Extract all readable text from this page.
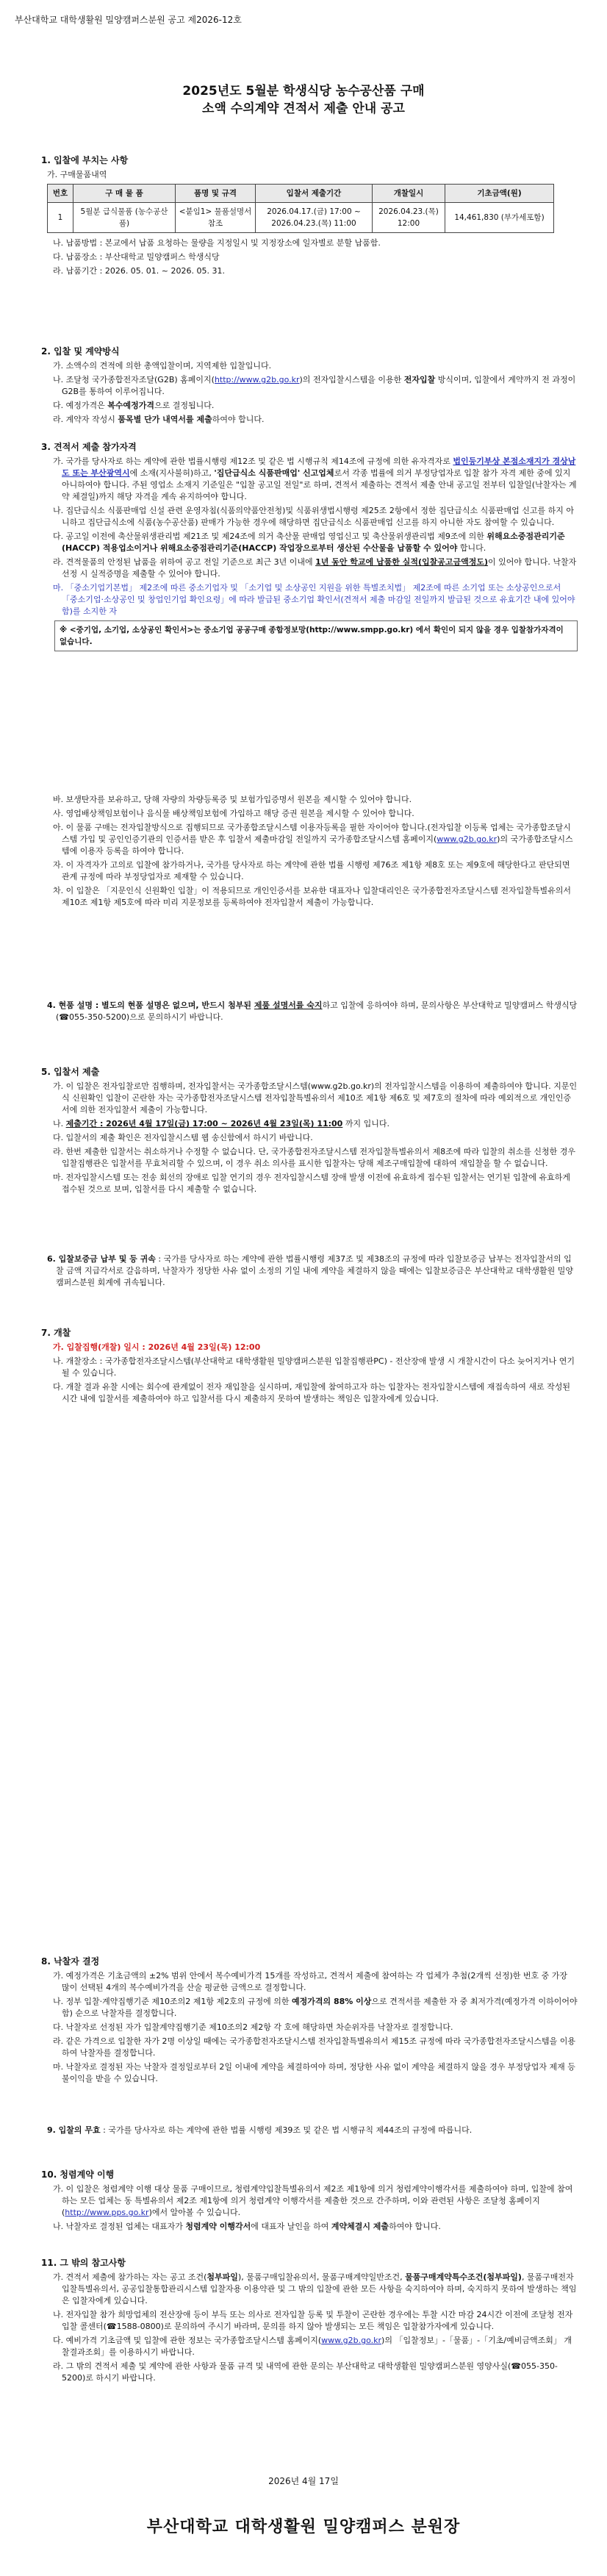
부산대학교 대학생활원 밀양캠퍼스분원 공고 제2026-12호
2025년도 5월분 학생식당 농수공산품 구매
소액 수의계약 견적서 제출 안내 공고
1. 입찰에 부치는 사항

가. 구매물품내역

번호	구 매 물 품	품명 및 규격	입찰서 제출기간	개찰일시	기초금액(원)
1	5월분 급식물품 (농수공산품)	<붙임1> 물품설명서 참조	2026.04.17.(금) 17:00 ~ 2026.04.23.(목) 11:00	2026.04.23.(목) 12:00	14,461,830 (부가세포함)

나. 납품방법 : 본교에서 납품 요청하는 물량을 지정일시 및 지정장소에 일자별로 분할 납품함.

다. 납품장소 : 부산대학교 밀양캠퍼스 학생식당

라. 납품기간 : 2026. 05. 01. ~ 2026. 05. 31.

2. 입찰 및 계약방식

가. 소액수의 견적에 의한 총액입찰이며, 지역제한 입찰입니다.

나. 조달청 국가종합전자조달(G2B) 홈페이지(http://www.g2b.go.kr)의 전자입찰시스템을 이용한 전자입찰 방식이며, 입찰에서 계약까지 전 과정이 G2B를 통하여 이루어집니다.

다. 예정가격은 복수예정가격으로 결정됩니다.

라. 계약자 작성시 품목별 단가 내역서를 제출하여야 합니다.

3. 견적서 제출 참가자격

가. 국가를 당사자로 하는 계약에 관한 법률시행령 제12조 및 같은 법 시행규칙 제14조에 규정에 의한 유자격자로 법인등기부상 본점소재지가 경상남도 또는 부산광역시에 소재(지사불허)하고, '집단급식소 식품판매업' 신고업체로서 각종 법률에 의거 부정당업자로 입찰 참가 자격 제한 중에 있지 아니하여야 합니다. 주된 영업소 소재지 기준일은 "입찰 공고일 전일"로 하며, 견적서 제출하는 견적서 제출 안내 공고일 전부터 입찰일(낙찰자는 계약 체결일)까지 해당 자격을 계속 유지하여야 합니다.

나. 집단급식소 식품판매업 신설 관련 운영자침(식품의약품안전청)및 식품위생법시행령 제25조 2항에서 정한 집단급식소 식품판매업 신고를 하지 아니하고 집단급식소에 식품(농수공산품) 판매가 가능한 경우에 해당하면 집단급식소 식품판매업 신고를 하지 아니한 자도 참여할 수 있습니다.

다. 공고일 이전에 축산물위생관리법 제21조 및 제24조에 의거 축산물 판매업 영업신고 및 축산물위생관리법 제9조에 의한 위해요소중점관리기준(HACCP) 적용업소이거나 위해요소중점관리기준(HACCP) 작업장으로부터 생산된 수산물을 납품할 수 있어야 합니다.

라. 견적물품의 안정된 납품을 위하여 공고 전일 기준으로 최근 3년 이내에 1년 동안 학교에 납품한 실적(입찰공고금액정도)이 있어야 합니다. 낙찰자 선정 시 실적증명을 제출할 수 있어야 합니다.

마. 「중소기업기본법」 제2조에 따른 중소기업자 및 「소기업 및 소상공인 지원을 위한 특별조치법」 제2조에 따른 소기업 또는 소상공인으로서 「중소기업·소상공인 및 창업인기업 확인요령」에 따라 발급된 중소기업 확인서(견적서 제출 마감일 전일까지 발급된 것으로 유효기간 내에 있어야 함)를 소지한 자

※ <중기업, 소기업, 소상공인 확인서>는 중소기업 공공구매 종합정보망(http://www.smpp.go.kr) 에서 확인이 되지 않을 경우 입찰참가자격이 없습니다.

바. 보생탄자를 보유하고, 당해 자량의 차량등록증 및 보험가입증명서 원본을 제시할 수 있어야 합니다.

사. 영업배상책임보험이나 음식물 배상책임보험에 가입하고 해당 증권 원본을 제시할 수 있어야 합니다.

아. 이 물품 구매는 전자입찰방식으로 집행되므로 국가종합조달시스템 이용자등록을 필한 자이어야 합니다.(전자입찰 이등록 업체는 국가종합조달시스템 가입 및 공인인증기관의 인증서를 받은 후 입찰서 제출마감일 전일까지 국가종합조달시스템 홈페이지(www.g2b.go.kr)의 국가종합조달시스템에 이용자 등록을 하여야 합니다.

자. 이 자격자가 고의로 입찰에 참가하거나, 국가를 당사자로 하는 계약에 관한 법률 시행령 제76조 제1항 제8호 또는 제9호에 해당한다고 판단되면 관계 규정에 따라 부정당업자로 제재할 수 있습니다.

차. 이 입찰은 「지문인식 신원확인 입찰」이 적용되므로 개인인증서를 보유한 대표자나 입찰대리인은 국가종합전자조달시스템 전자입찰특별유의서 제10조 제1항 제5호에 따라 미리 지문정보를 등록하여야 전자입찰서 제출이 가능합니다.

4. 현품 설명 : 별도의 현품 설명은 없으며, 반드시 첨부된 제품 설명서를 숙지하고 입찰에 응하여야 하며, 문의사항은 부산대학교 밀양캠퍼스 학생식당(☎055-350-5200)으로 문의하시기 바랍니다.

5. 입찰서 제출

가. 이 입찰은 전자입찰로만 집행하며, 전자입찰서는 국가종합조달시스템(www.g2b.go.kr)의 전자입찰시스템을 이용하여 제출하여야 합니다. 지문인식 신원확인 입찰이 곤란한 자는 국가종합전자조달시스템 전자입찰특별유의서 제10조 제1항 제6호 및 제7호의 절차에 따라 예외적으로 개인인증서에 의한 전자입찰서 제출이 가능합니다.

나. 제출기간 : 2026년 4월 17일(금) 17:00 ~ 2026년 4월 23일(목) 11:00 까지 입니다.

다. 입찰서의 제출 확인은 전자입찰시스템 웹 송신함에서 하시기 바랍니다.

라. 한번 제출한 입찰서는 취소하거나 수정할 수 없습니다. 단, 국가종합전자조달시스템 전자입찰특별유의서 제8조에 따라 입찰의 취소를 신청한 경우 입찰집행관은 입찰서를 무효처리할 수 있으며, 이 경우 취소 의사를 표시한 입찰자는 당해 제조구매입찰에 대하여 재입찰을 할 수 없습니다.

마. 전자입찰시스템 또는 전송 회선의 장애로 입찰 연기의 경우 전자입찰시스템 장애 발생 이전에 유효하게 접수된 입찰서는 연기된 입찰에 유효하게 접수된 것으로 보며, 입찰서를 다시 제출할 수 없습니다.

6. 입찰보증금 납부 및 등 귀속 : 국가를 당사자로 하는 계약에 관한 법률시행령 제37조 및 제38조의 규정에 따라 입찰보증금 납부는 전자입찰서의 입찰 금액 지급각서로 갈음하며, 낙찰자가 정당한 사유 없이 소정의 기일 내에 계약을 체결하지 않을 때에는 입찰보증금은 부산대학교 대학생활원 밀양캠퍼스분원 회계에 귀속됩니다.

7. 개찰

가. 입찰집행(개찰) 일시 : 2026년 4월 23일(목) 12:00

나. 개찰장소 : 국가종합전자조달시스템(부산대학교 대학생활원 밀양캠퍼스분원 입찰집행관PC) - 전산장애 발생 시 개찰시간이 다소 늦어지거나 연기될 수 있습니다.

다. 개찰 결과 유찰 시에는 회수에 관계없이 전자 재입찰을 실시하며, 재입찰에 참여하고자 하는 입찰자는 전자입찰시스템에 재접속하여 새로 작성된 시간 내에 입찰서를 제출하여야 하고 입찰서를 다시 제출하지 못하여 발생하는 책임은 입찰자에게 있습니다.

8. 낙찰자 결정

가. 예정가격은 기초금액의 ±2% 범위 안에서 복수예비가격 15개를 작성하고, 견적서 제출에 참여하는 각 업체가 추첨(2개씩 선정)한 번호 중 가장 많이 선택된 4개의 복수예비가격을 산술 평균한 금액으로 결정합니다.

나. 정부 입찰·계약집행기준 제10조의2 제1항 제2호의 규정에 의한 예정가격의 88% 이상으로 견적서를 제출한 자 중 최저가격(예정가격 이하이어야 함) 순으로 낙찰자를 결정합니다.

다. 낙찰자로 선정된 자가 입찰계약집행기준 제10조의2 제2항 각 호에 해당하면 차순위자를 낙찰자로 결정합니다.

라. 같은 가격으로 입찰한 자가 2명 이상일 때에는 국가종합전자조달시스템 전자입찰특별유의서 제15조 규정에 따라 국가종합전자조달시스템을 이용하여 낙찰자를 결정합니다.

마. 낙찰자로 결정된 자는 낙찰자 결정일로부터 2일 이내에 계약을 체결하여야 하며, 정당한 사유 없이 계약을 체결하지 않을 경우 부정당업자 제재 등 불이익을 받을 수 있습니다.

9. 입찰의 무효 : 국가를 당사자로 하는 계약에 관한 법률 시행령 제39조 및 같은 법 시행규칙 제44조의 규정에 따릅니다.

10. 청렴계약 이행

가. 이 입찰은 청렴계약 이행 대상 물품 구매이므로, 청렴계약입찰특별유의서 제2조 제1항에 의거 청렴계약이행각서를 제출하여야 하며, 입찰에 참여하는 모든 업체는 동 특별유의서 제2조 제1항에 의거 청렴계약 이행각서를 제출한 것으로 간주하며, 이와 관련된 사항은 조달청 홈페이지(http://www.pps.go.kr)에서 알아볼 수 있습니다.

나. 낙찰자로 결정된 업체는 대표자가 청렴계약 이행각서에 대표자 날인을 하여 계약체결시 제출하여야 합니다.

11. 그 밖의 참고사항

가. 견적서 제출에 참가하는 자는 공고 조건(첨부파일), 물품구매입찰유의서, 물품구매계약일반조건, 물품구매계약특수조건(첨부파일), 물품구매전자입찰특별유의서, 공공입찰통합관리시스템 입찰자용 이용약관 및 그 밖의 입찰에 관한 모든 사항을 숙지하여야 하며, 숙지하지 못하여 발생하는 책임은 입찰자에게 있습니다.

나. 전자입찰 참가 희망업체의 전산장애 등이 부득 또는 의사로 전자입찰 등록 및 투찰이 곤란한 경우에는 투찰 시간 마감 24시간 이전에 조달청 전자입찰 콜센터(☎1588-0800)로 문의하여 주시기 바라며, 문의를 하지 않아 발생되는 모든 책임은 입찰참가자에게 있습니다.

다. 예비가격 기초금액 및 입찰에 관한 정보는 국가종합조달시스템 홈페이지(www.g2b.go.kr)의 「입찰정보」-「물품」-「기초/예비금액조회」 개찰결과조회」를 이용하시기 바랍니다.

라. 그 밖의 견적서 제출 및 계약에 관한 사항과 물품 규격 및 내역에 관한 문의는 부산대학교 대학생활원 밀양캠퍼스분원 영양사실(☎055-350-5200)로 하시기 바랍니다.

2026년 4월 17일
부산대학교 대학생활원 밀양캠퍼스 분원장
